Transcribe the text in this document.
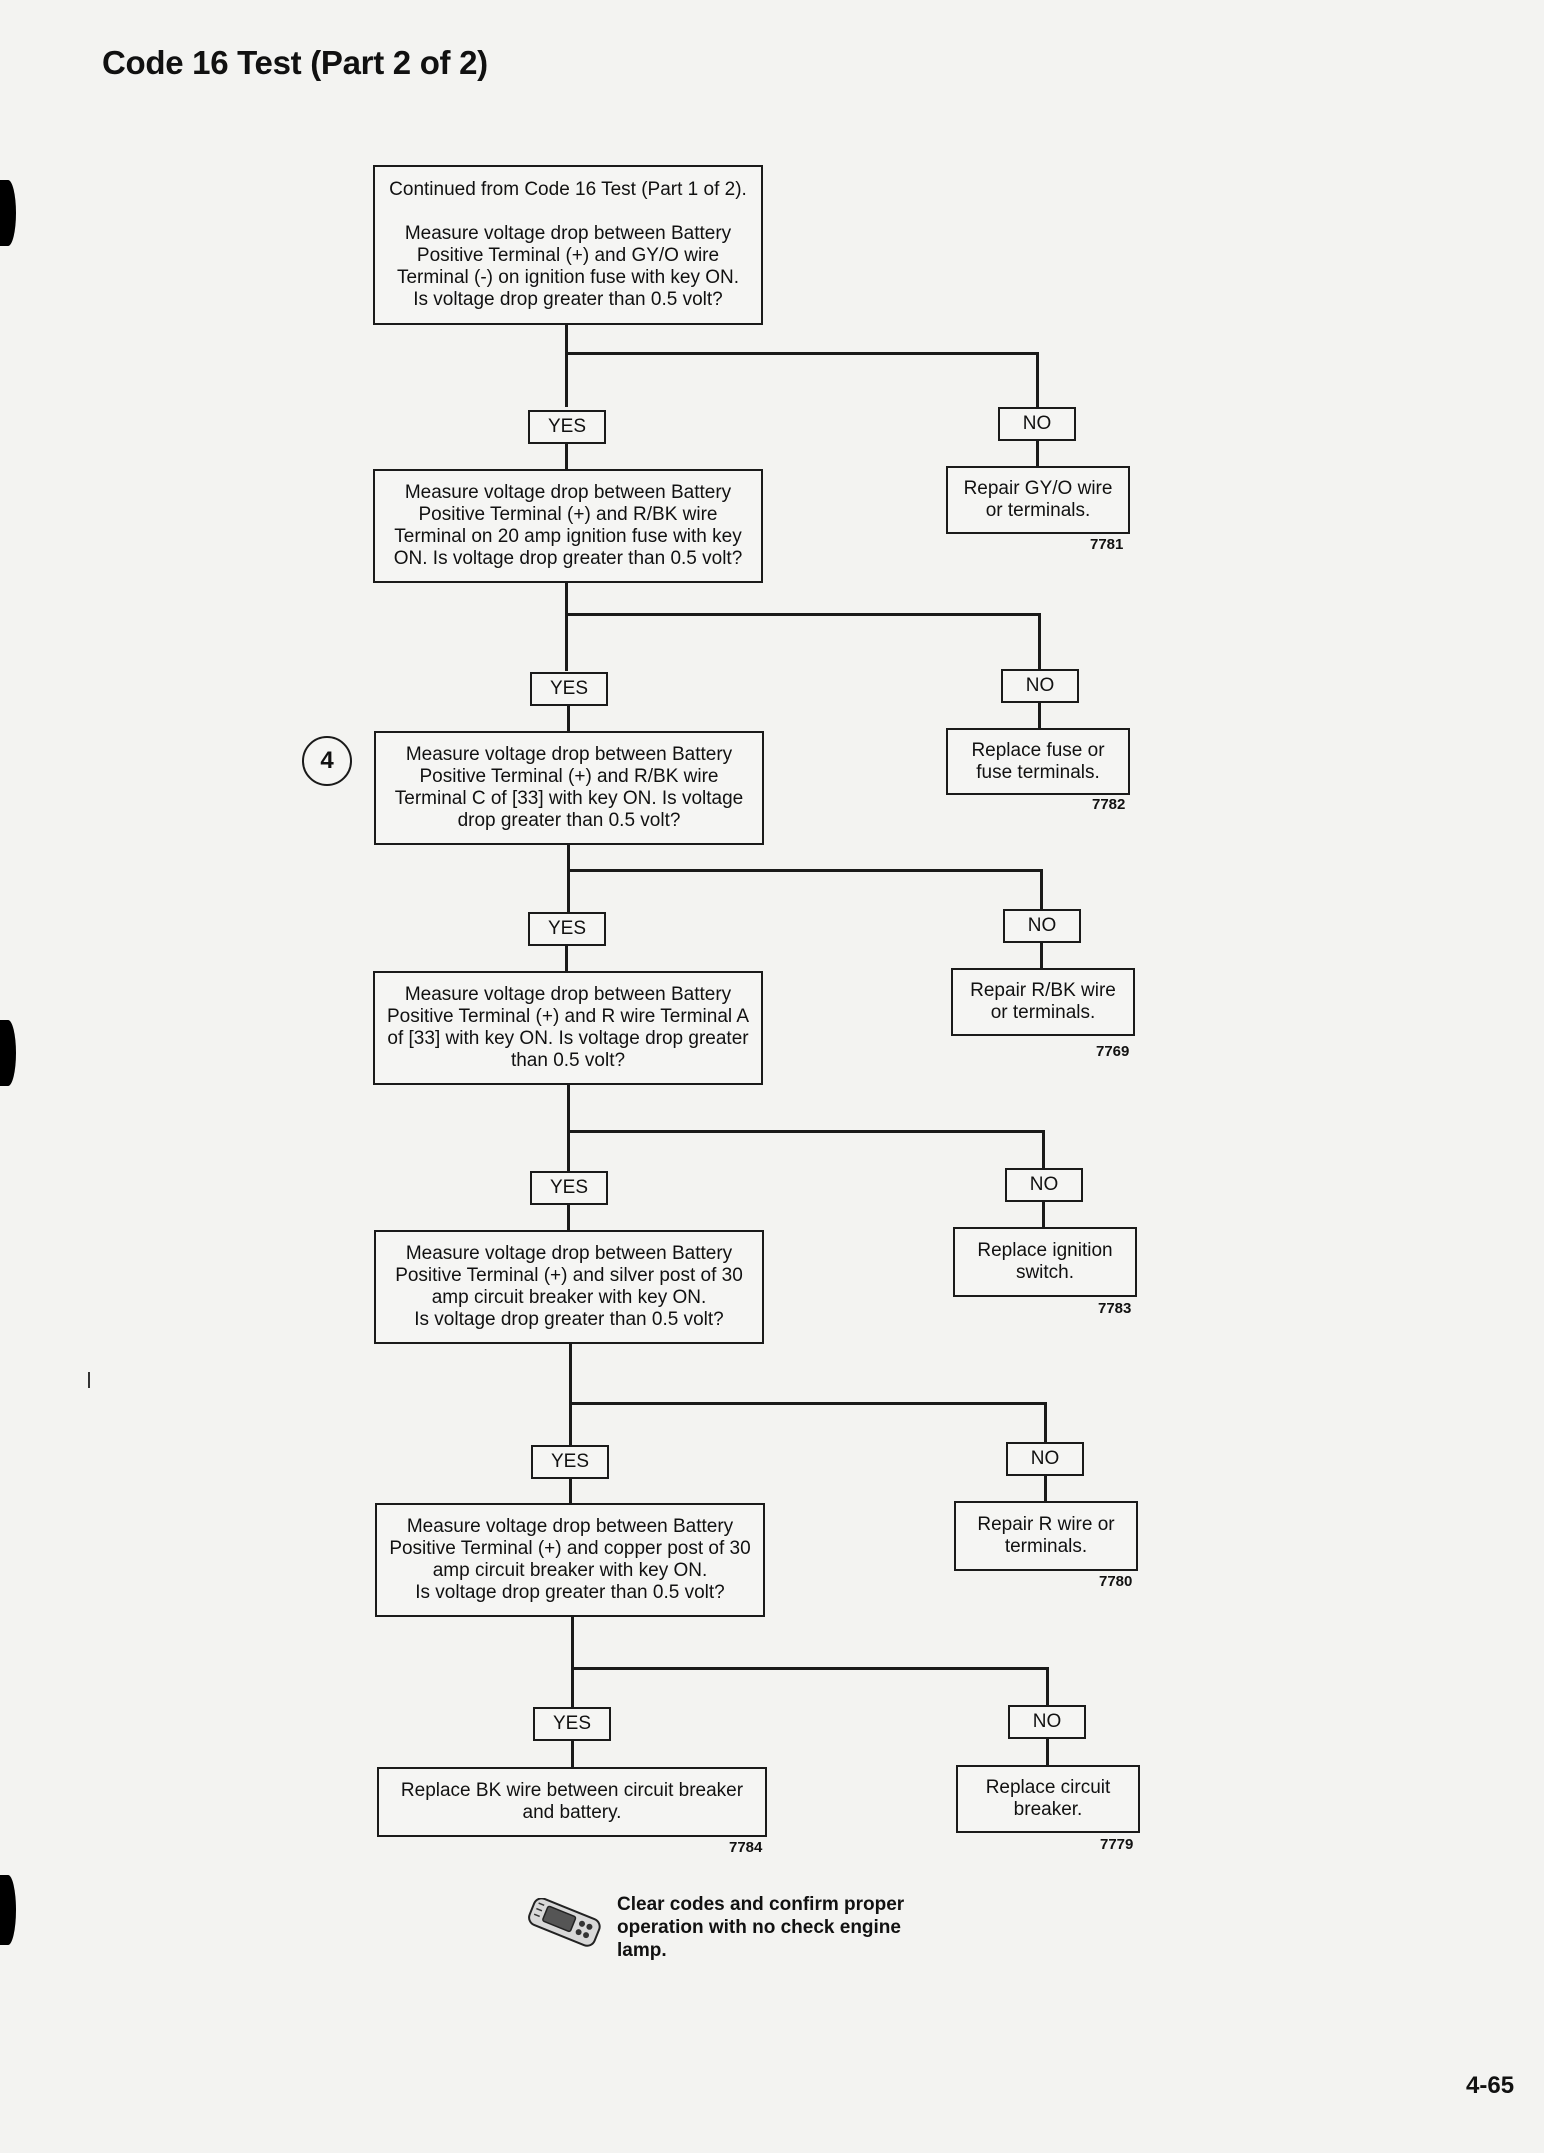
Code 16 Test (Part 2 of 2)
Continued from Code 16 Test (Part 1 of 2).

Measure voltage drop between Battery Positive Terminal (+) and GY/O wire Terminal (-) on ignition fuse with key ON.
Is voltage drop greater than 0.5 volt?
YES	NO
Repair GY/O wire or terminals.
7781
Measure voltage drop between Battery Positive Terminal (+) and R/BK wire Terminal on 20 amp ignition fuse with key ON. Is voltage drop greater than 0.5 volt?
YES	NO
Replace fuse or fuse terminals.
7782
4	Measure voltage drop between Battery Positive Terminal (+) and R/BK wire Terminal C of [33] with key ON. Is voltage drop greater than 0.5 volt?
YES	NO
Repair R/BK wire or terminals.
7769
Measure voltage drop between Battery Positive Terminal (+) and R wire Terminal A of [33] with key ON. Is voltage drop greater than 0.5 volt?
YES	NO
Replace ignition switch.
7783
Measure voltage drop between Battery Positive Terminal (+) and silver post of 30 amp circuit breaker with key ON.
Is voltage drop greater than 0.5 volt?
YES	NO
Repair R wire or terminals.
7780
Measure voltage drop between Battery Positive Terminal (+) and copper post of 30 amp circuit breaker with key ON.
Is voltage drop greater than 0.5 volt?
YES	NO
Replace circuit breaker.
7779
Replace BK wire between circuit breaker and battery.
7784
Clear codes and confirm proper operation with no check engine lamp.
4-65
